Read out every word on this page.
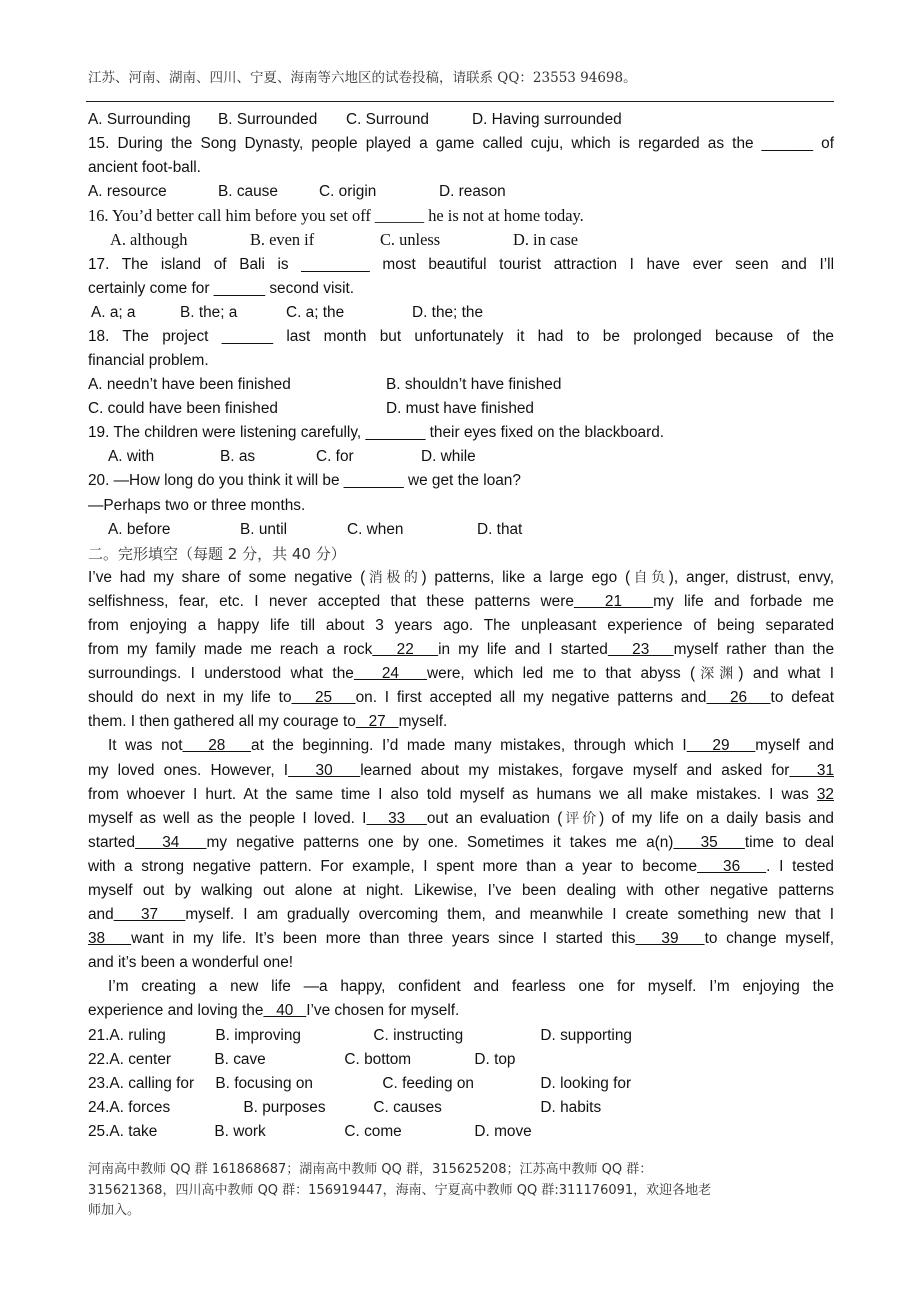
江苏、河南、湖南、四川、宁夏、海南等六地区的试卷投稿，请联系 QQ：23553 94698。
A. Surrounding B. Surrounded C. Surround	D. Having surrounded
15. During the Song Dynasty, people played a game called cuju, which is regarded as the ______ of
ancient foot-ball.
A. resource	B. cause	C. origin	D. reason
16. You’d better call him before you set off ______ he is not at home today.
A. although	B. even if	C. unless	D. in case
17. The island of Bali is ________ most beautiful tourist attraction I have ever seen and I’ll
certainly come for ______ second visit.
A. a; a	B. the; a	C. a; the	D. the; the
18. The project ______ last month but unfortunately it had to be prolonged because of the
financial problem.
A. needn’t have been finished	B. shouldn’t have finished
C. could have been finished	D. must have finished
19. The children were listening carefully, _______ their eyes fixed on the blackboard.
A. with	B. as	C. for	D. while
20. —How long do you think it will be _______ we get the loan?
—Perhaps two or three months.
A. before	B. until	C. when	D. that
二。完形填空（每题 2 分，共 40 分）
I’ve had my share of some negative (消极的) patterns, like a large ego (自负), anger, distrust, envy,
selfishness, fear, etc. I never accepted that these patterns were   21   my life and forbade me
from enjoying a happy life till about 3 years ago. The unpleasant experience of being separated
from my family made me reach a rock   22   in my life and I started   23   myself rather than the
surroundings. I understood what the   24   were, which led me to that abyss (深渊) and what I
should do next in my life to   25   on. I first accepted all my negative patterns and   26   to defeat
them. I then gathered all my courage to   27   myself.
It was not   28   at the beginning. I’d made many mistakes, through which I   29   myself and
my loved ones. However, I   30   learned about my mistakes, forgave myself and asked for   31
from whoever I hurt. At the same time I also told myself as humans we all make mistakes. I was 32
myself as well as the people I loved. I   33   out an evaluation (评价) of my life on a daily basis and
started   34   my negative patterns one by one. Sometimes it takes me a(n)   35   time to deal
with a strong negative pattern. For example, I spent more than a year to become   36   . I tested
myself out by walking out alone at night. Likewise, I’ve been dealing with other negative patterns
and   37   myself. I am gradually overcoming them, and meanwhile I create something new that I
38   want in my life. It’s been more than three years since I started this   39   to change myself,
and it’s been a wonderful one!
I’m creating a new life —a happy, confident and fearless one for myself. I’m enjoying the
experience and loving the   40   I’ve chosen for myself.
21.A. ruling	B. improving	C. instructing	D. supporting
22.A. center	B. cave	C. bottom	D. top
23.A. calling for B. focusing on	C. feeding on	D. looking for
24.A. forces	B. purposes	C. causes	D. habits
25.A. take	B. work	C. come	D. move
河南高中教师 QQ 群 161868687；湖南高中教师 QQ 群，315625208；江苏高中教师 QQ 群：
315621368，四川高中教师 QQ 群：156919447，海南、宁夏高中教师 QQ 群:311176091，欢迎各地老
师加入。
